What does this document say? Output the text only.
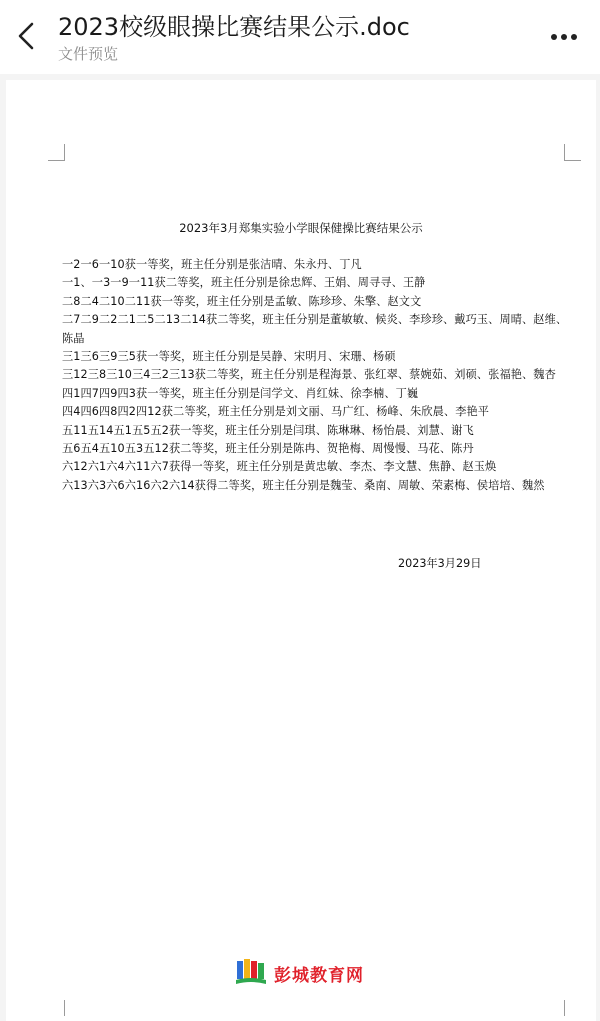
2023校级眼操比赛结果公示.doc
文件预览
2023年3月郑集实验小学眼保健操比赛结果公示
一2一6一10获一等奖，班主任分别是张洁晴、朱永丹、丁凡
一1、一3一9一11获二等奖，班主任分别是徐忠辉、王娟、周寻寻、王静
二8二4二10二11获一等奖，班主任分别是孟敏、陈珍珍、朱擎、赵文文
二7二9二2二1二5二13二14获二等奖，班主任分别是董敏敏、候炎、李珍珍、戴巧玉、周晴、赵维、陈晶
三1三6三9三5获一等奖，班主任分别是吴静、宋明月、宋珊、杨硕
三12三8三10三4三2三13获二等奖，班主任分别是程海景、张红翠、蔡婉茹、刘硕、张福艳、魏杏
四1四7四9四3获一等奖，班主任分别是闫学文、肖红妹、徐李楠、丁巍
四4四6四8四2四12获二等奖，班主任分别是刘文丽、马广红、杨峰、朱欣晨、李艳平
五11五14五1五5五2获一等奖，班主任分别是闫琪、陈琳琳、杨怡晨、刘慧、谢飞
五6五4五10五3五12获二等奖，班主任分别是陈冉、贺艳梅、周慢慢、马花、陈丹
六12六1六4六11六7获得一等奖，班主任分别是黄忠敏、李杰、李文慧、焦静、赵玉焕
六13六3六6六16六2六14获得二等奖，班主任分别是魏莹、桑南、周敏、荣素梅、侯培培、魏然
2023年3月29日
彭城教育网
